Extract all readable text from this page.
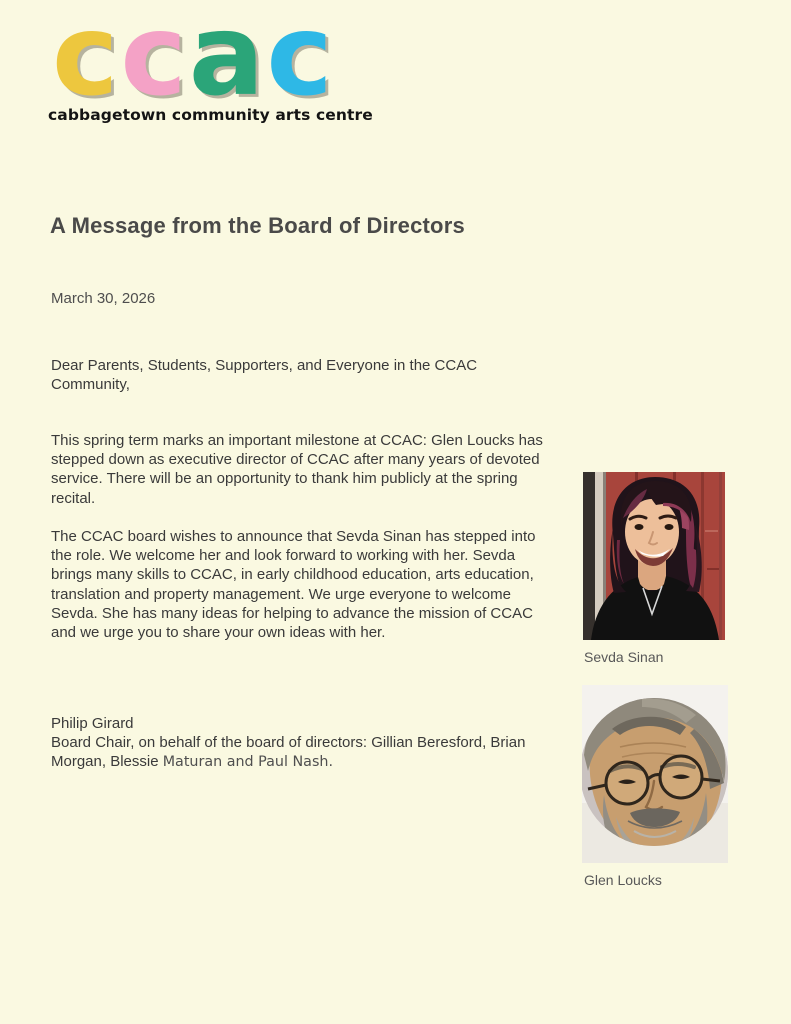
ccac
cabbagetown community arts centre
A Message from the Board of Directors
March 30, 2026

Dear Parents, Students, Supporters, and Everyone in the CCAC Community,

This spring term marks an important milestone at CCAC: Glen Loucks has stepped down as executive director of CCAC after many years of devoted service. There will be an opportunity to thank him publicly at the spring recital.

The CCAC board wishes to announce that Sevda Sinan has stepped into the role. We welcome her and look forward to working with her. Sevda brings many skills to CCAC, in early childhood education, arts education, translation and property management. We urge everyone to welcome Sevda. She has many ideas for helping to advance the mission of CCAC and we urge you to share your own ideas with her.

Philip Girard
Board Chair, on behalf of the board of directors: Gillian Beresford, Brian Morgan, Blessie Maturan and Paul Nash.
Sevda Sinan
Glen Loucks
